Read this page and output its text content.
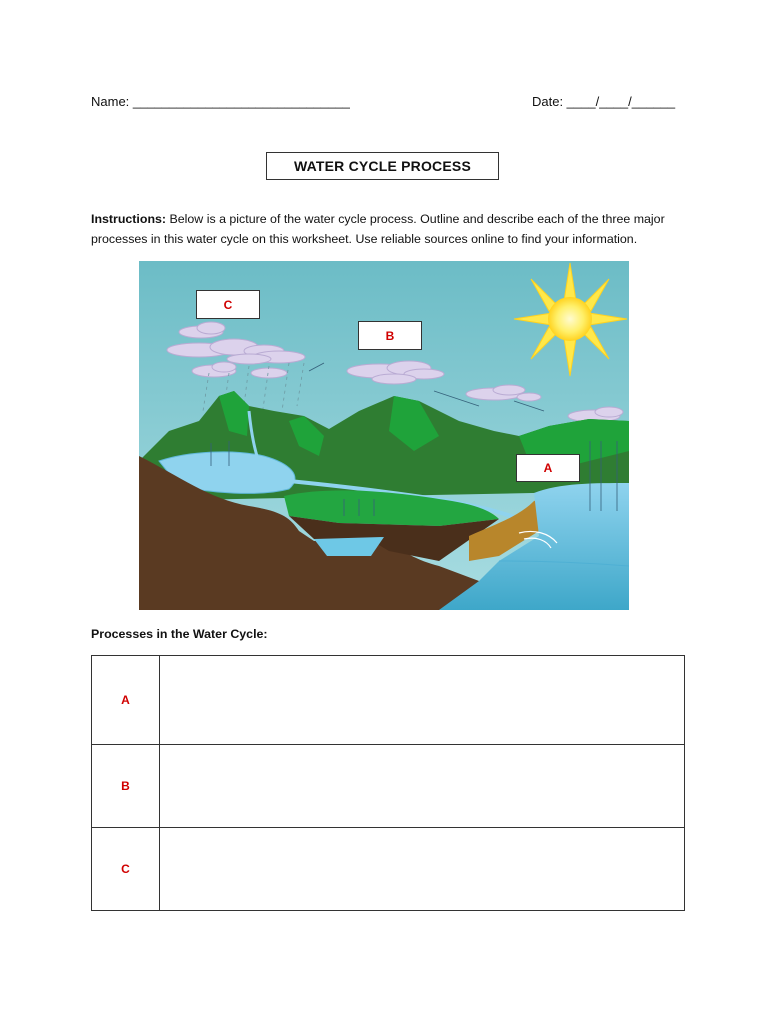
Name: ______________________________	Date: ____/____/______
WATER CYCLE PROCESS
Instructions: Below is a picture of the water cycle process. Outline and describe each of the three major processes in this water cycle on this worksheet. Use reliable sources online to find your information.
C
B
A
Processes in the Water Cycle:
A	
B	
C	
